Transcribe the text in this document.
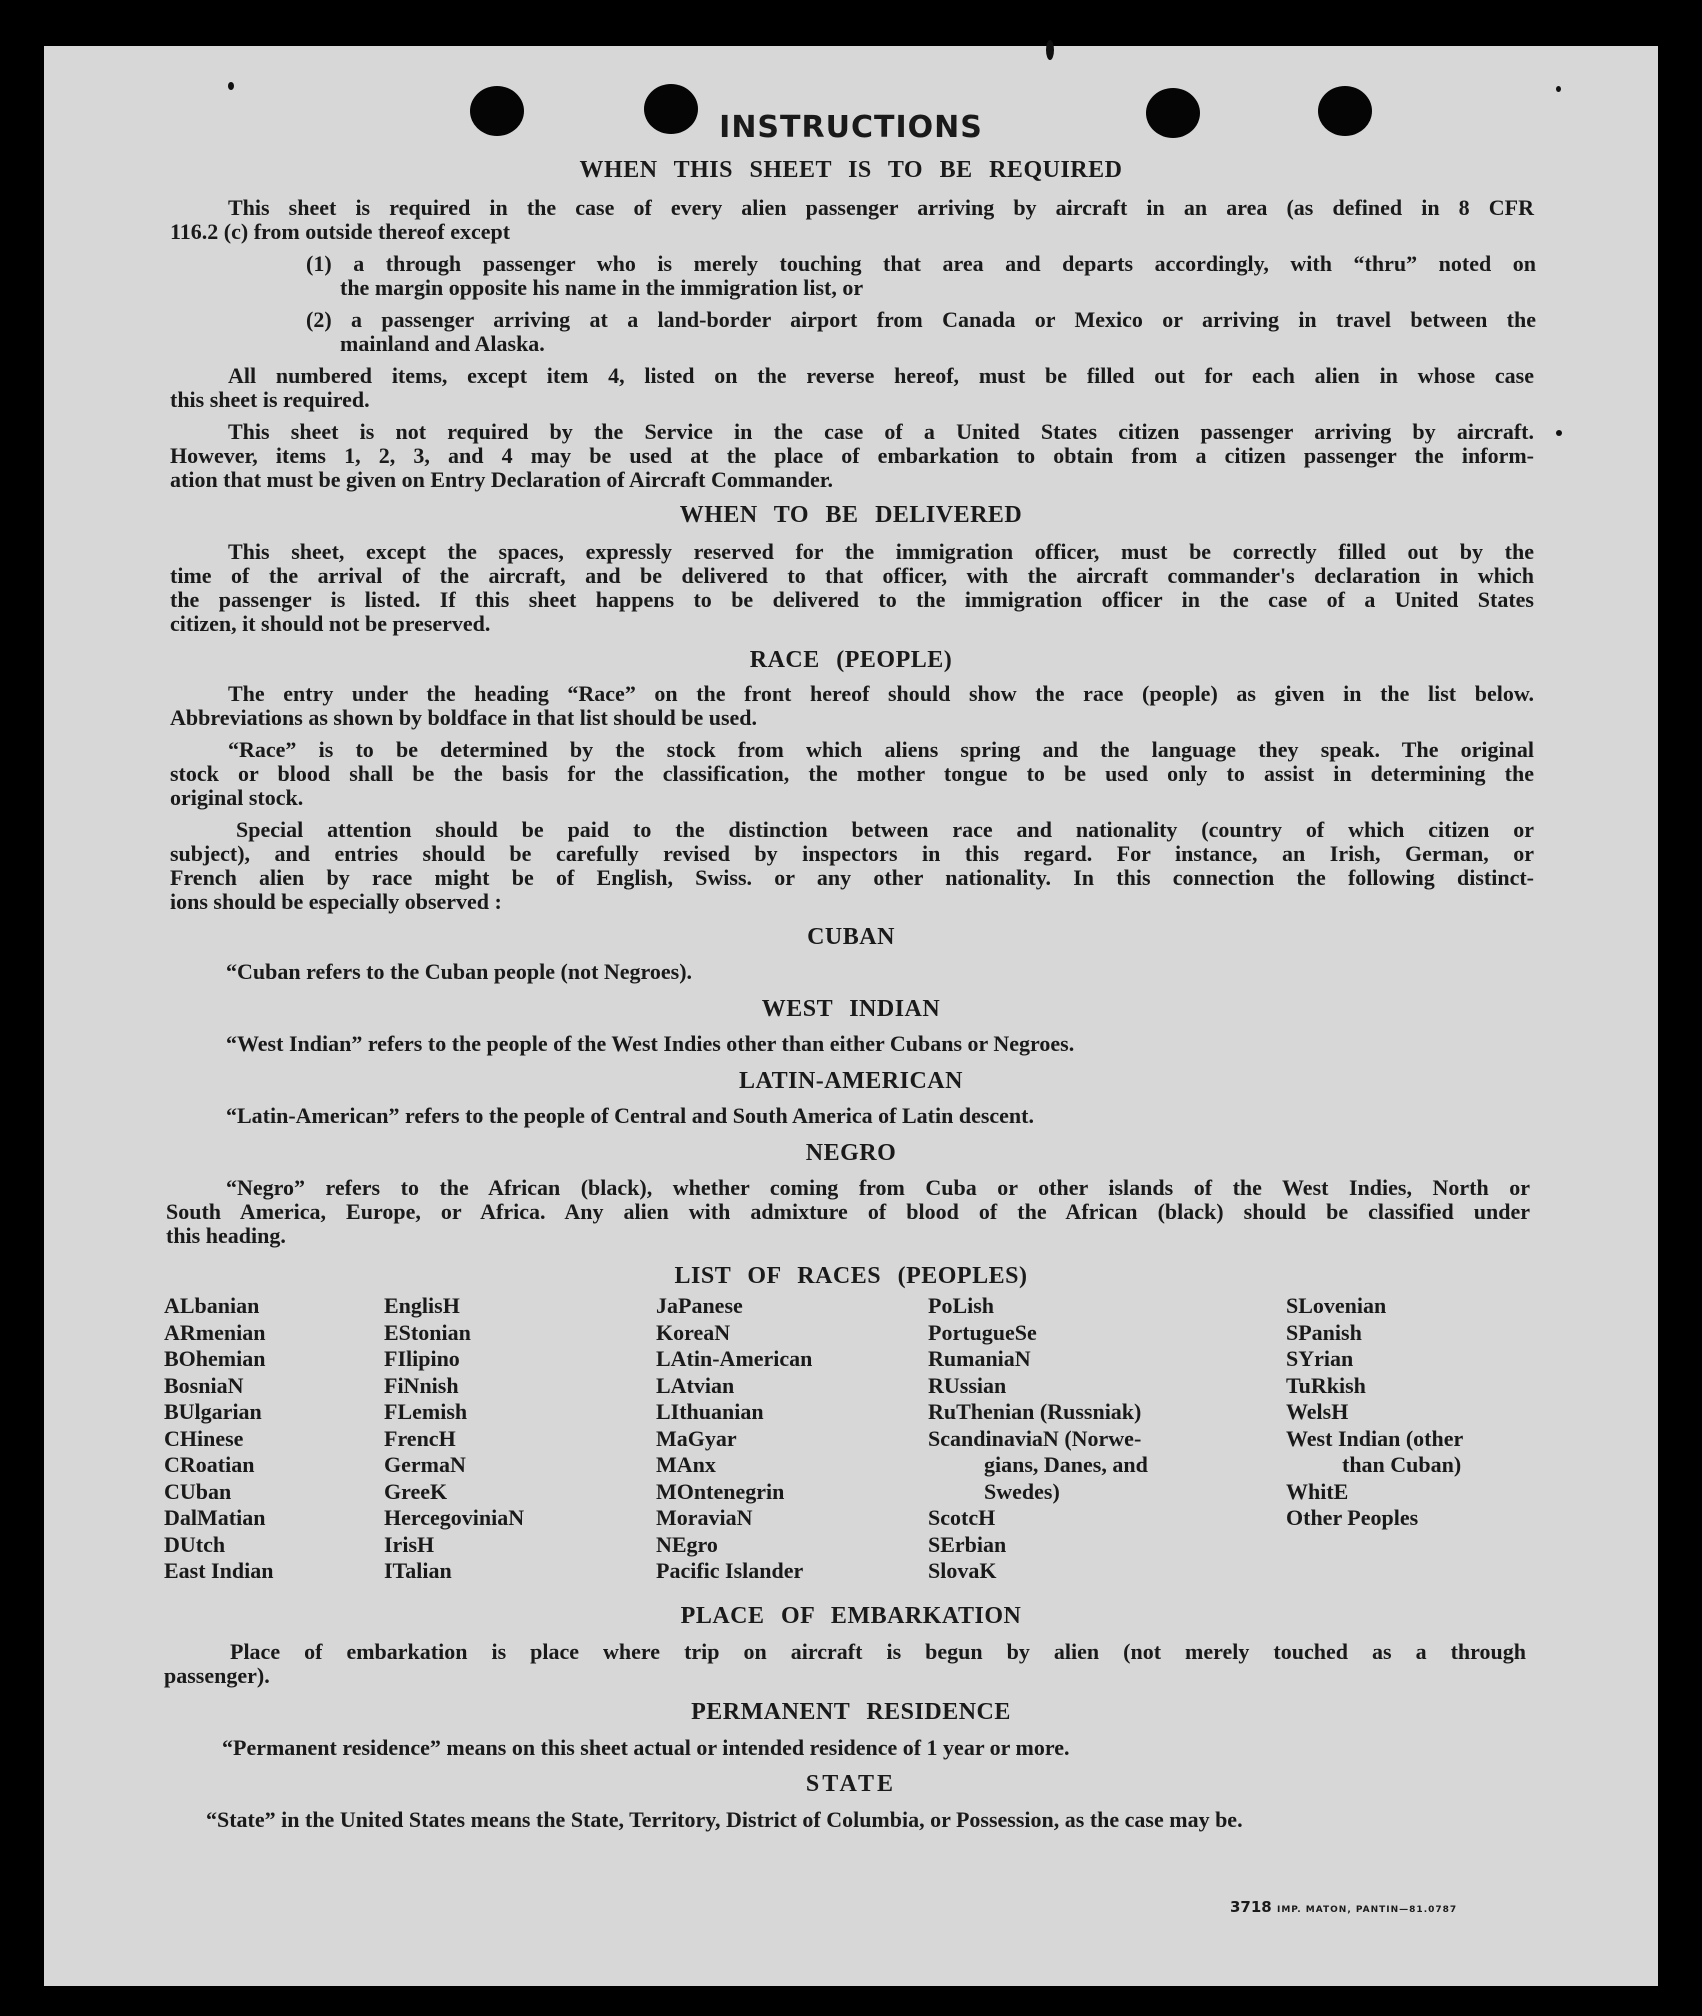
INSTRUCTIONS
WHEN THIS SHEET IS TO BE REQUIRED
This sheet is required in the case of every alien passenger arriving by aircraft in an area (as defined in 8 CFR
116.2 (c) from outside thereof except
(1) a through passenger who is merely touching that area and departs accordingly, with “thru” noted on
the margin opposite his name in the immigration list, or
(2) a passenger arriving at a land-border airport from Canada or Mexico or arriving in travel between the
mainland and Alaska.
All numbered items, except item 4, listed on the reverse hereof, must be filled out for each alien in whose case
this sheet is required.
This sheet is not required by the Service in the case of a United States citizen passenger arriving by aircraft.
However, items 1, 2, 3, and 4 may be used at the place of embarkation to obtain from a citizen passenger the inform-
ation that must be given on Entry Declaration of Aircraft Commander.
WHEN TO BE DELIVERED
This sheet, except the spaces, expressly reserved for the immigration officer, must be correctly filled out by the
time of the arrival of the aircraft, and be delivered to that officer, with the aircraft commander's declaration in which
the passenger is listed. If this sheet happens to be delivered to the immigration officer in the case of a United States
citizen, it should not be preserved.
RACE (PEOPLE)
The entry under the heading “Race” on the front hereof should show the race (people) as given in the list below.
Abbreviations as shown by boldface in that list should be used.
“Race” is to be determined by the stock from which aliens spring and the language they speak. The original
stock or blood shall be the basis for the classification, the mother tongue to be used only to assist in determining the
original stock.
Special attention should be paid to the distinction between race and nationality (country of which citizen or
subject), and entries should be carefully revised by inspectors in this regard. For instance, an Irish, German, or
French alien by race might be of English, Swiss. or any other nationality. In this connection the following distinct-
ions should be especially observed :
CUBAN
“Cuban refers to the Cuban people (not Negroes).
WEST INDIAN
“West Indian” refers to the people of the West Indies other than either Cubans or Negroes.
LATIN-AMERICAN
“Latin-American” refers to the people of Central and South America of Latin descent.
NEGRO
“Negro” refers to the African (black), whether coming from Cuba or other islands of the West Indies, North or
South America, Europe, or Africa. Any alien with admixture of blood of the African (black) should be classified under
this heading.
LIST OF RACES (PEOPLES)
ALbanian
ARmenian
BOhemian
BosniaN
BUlgarian
CHinese
CRoatian
CUban
DalMatian
DUtch
East Indian
EnglisH
EStonian
FIlipino
FiNnish
FLemish
FrencH
GermaN
GreeK
HercegoviniaN
IrisH
ITalian
JaPanese
KoreaN
LAtin-American
LAtvian
LIthuanian
MaGyar
MAnx
MOntenegrin
MoraviaN
NEgro
Pacific Islander
PoLish
PortugueSe
RumaniaN
RUssian
RuThenian (Russniak)
ScandinaviaN (Norwe-
gians, Danes, and
Swedes)
ScotcH
SErbian
SlovaK
SLovenian
SPanish
SYrian
TuRkish
WelsH
West Indian (other
than Cuban)
WhitE
Other Peoples
PLACE OF EMBARKATION
Place of embarkation is place where trip on aircraft is begun by alien (not merely touched as a through
passenger).
PERMANENT RESIDENCE
“Permanent residence” means on this sheet actual or intended residence of 1 year or more.
STATE
“State” in the United States means the State, Territory, District of Columbia, or Possession, as the case may be.
3718 IMP. MATON, PANTIN—81.0787
